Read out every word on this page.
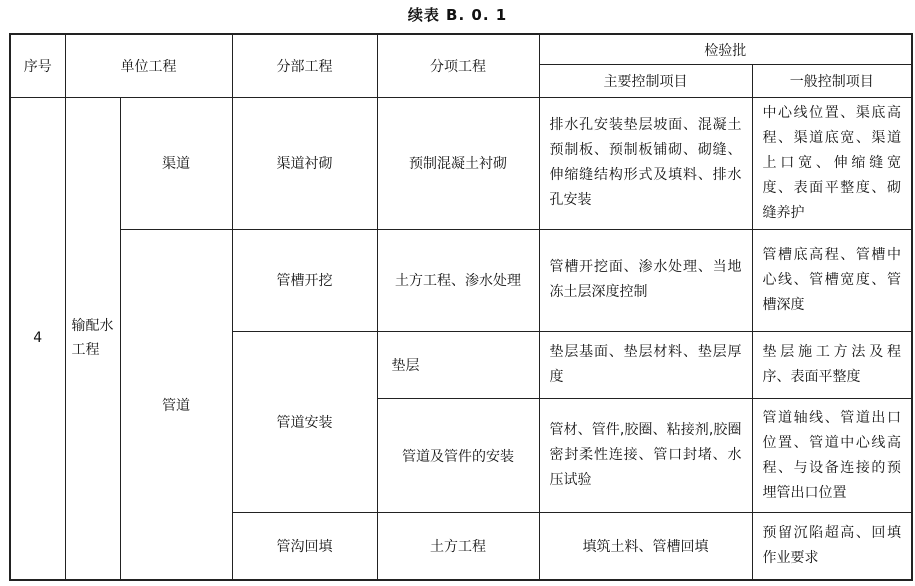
续表 B. 0. 1
序号	单位工程		分部工程	分项工程	检验批	
					主要控制项目	一般控制项目
4	输配水工程	渠道	渠道衬砌	预制混凝土衬砌	排水孔安装垫层坡面、混凝土预制板、预制板铺砌、砌缝、伸缩缝结构形式及填料、排水孔安装	中心线位置、渠底高程、渠道底宽、渠道上口宽、伸缩缝宽度、表面平整度、砌缝养护
		管道	管槽开挖	土方工程、渗水处理	管槽开挖面、渗水处理、当地冻土层深度控制	管槽底高程、管槽中心线、管槽宽度、管槽深度
			管道安装	垫层	垫层基面、垫层材料、垫层厚度	垫层施工方法及程序、表面平整度
				管道及管件的安装	管材、管件,胶圈、粘接剂,胶圈密封柔性连接、管口封堵、水压试验	管道轴线、管道出口位置、管道中心线高程、与设备连接的预埋管出口位置
			管沟回填	土方工程	填筑土料、管槽回填	预留沉陷超高、回填作业要求
